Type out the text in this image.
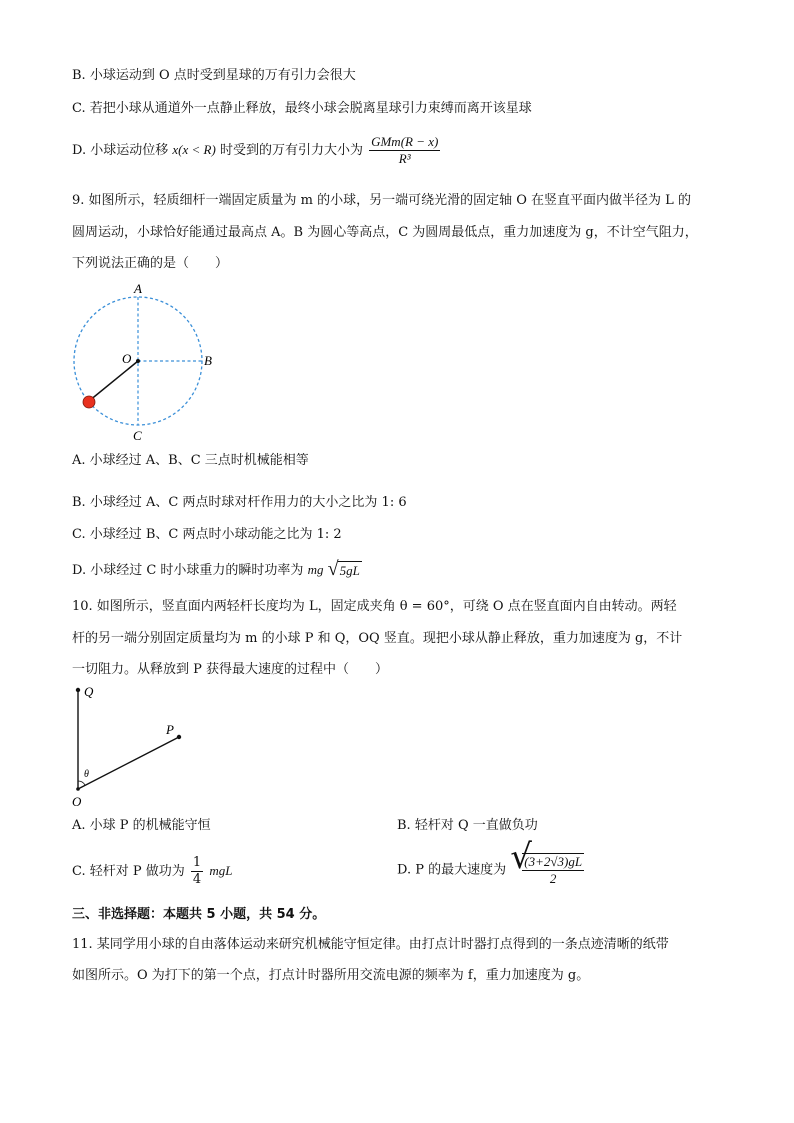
B. 小球运动到 O 点时受到星球的万有引力会很大
C. 若把小球从通道外一点静止释放，最终小球会脱离星球引力束缚而离开该星球
D. 小球运动位移 x(x < R) 时受到的万有引力大小为 $\frac{\text{GMm(R − x)}}{\text{R³}}$
9. 如图所示，轻质细杆一端固定质量为 m 的小球，另一端可绕光滑的固定轴 O 在竖直平面内做半径为 L 的
圆周运动，小球恰好能通过最高点 A。B 为圆心等高点，C 为圆周最低点，重力加速度为 g，不计空气阻力，
下列说法正确的是（　　）
A
O	B
C
A. 小球经过 A、B、C 三点时机械能相等
B. 小球经过 A、C 两点时球对杆作用力的大小之比为 1: 6
C. 小球经过 B、C 两点时小球动能之比为 1: 2
D. 小球经过 C 时小球重力的瞬时功率为 mg √ 5gL
10. 如图所示，竖直面内两轻杆长度均为 L，固定成夹角 θ = 60°，可绕 O 点在竖直面内自由转动。两轻
杆的另一端分别固定质量均为 m 的小球 P 和 Q，OQ 竖直。现把小球从静止释放，重力加速度为 g，不计
一切阻力。从释放到 P 获得最大速度的过程中（　　）
Q
P
θ
O
A. 小球 P 的机械能守恒	B. 轻杆对 Q 一直做负功
C. 轻杆对 P 做功为 $\frac{1}{4}$ mgL	D. P 的最大速度为 √
$\frac{(3+2√3)gL}{2}$
三、非选择题：本题共 5 小题，共 54 分。
11. 某同学用小球的自由落体运动来研究机械能守恒定律。由打点计时器打点得到的一条点迹清晰的纸带
如图所示。O 为打下的第一个点，打点计时器所用交流电源的频率为 f，重力加速度为 g。
